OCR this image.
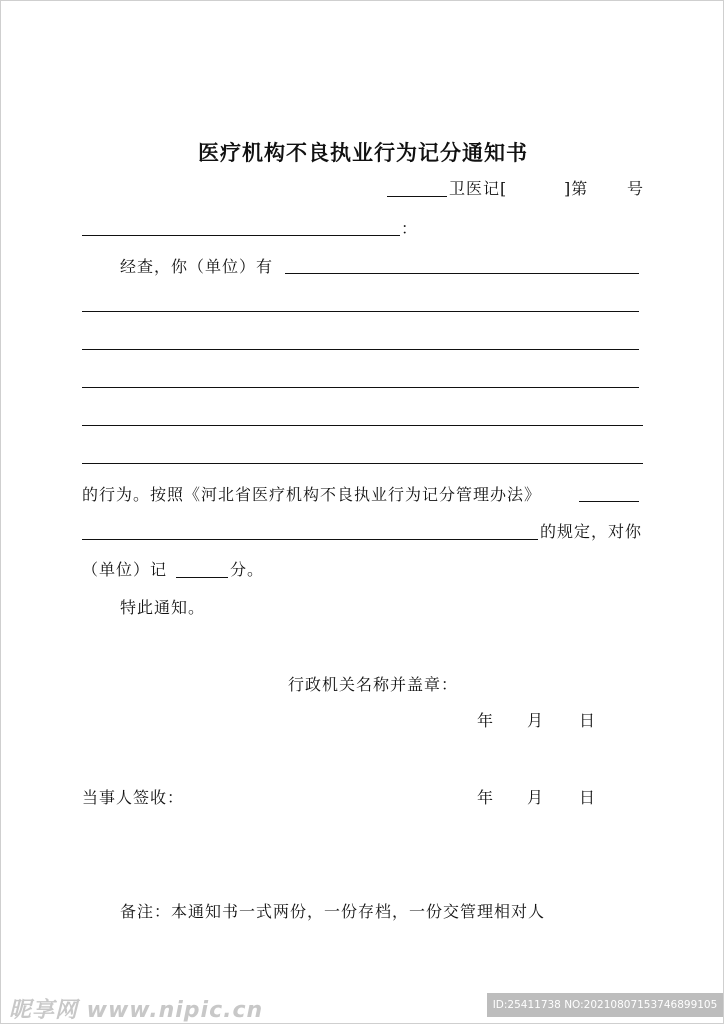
医疗机构不良执业行为记分通知书
卫医记[	]第 号
：
经查，你（单位）有
的行为。按照《河北省医疗机构不良执业行为记分管理办法》
的规定，对你
（单位）记	分。
特此通知。
行政机关名称并盖章：
年 月 日
当事人签收：	年 月 日
备注：本通知书一式两份，一份存档，一份交管理相对人
昵享网 www.nipic.cn	ID:25411738 NO:20210807153746899105
